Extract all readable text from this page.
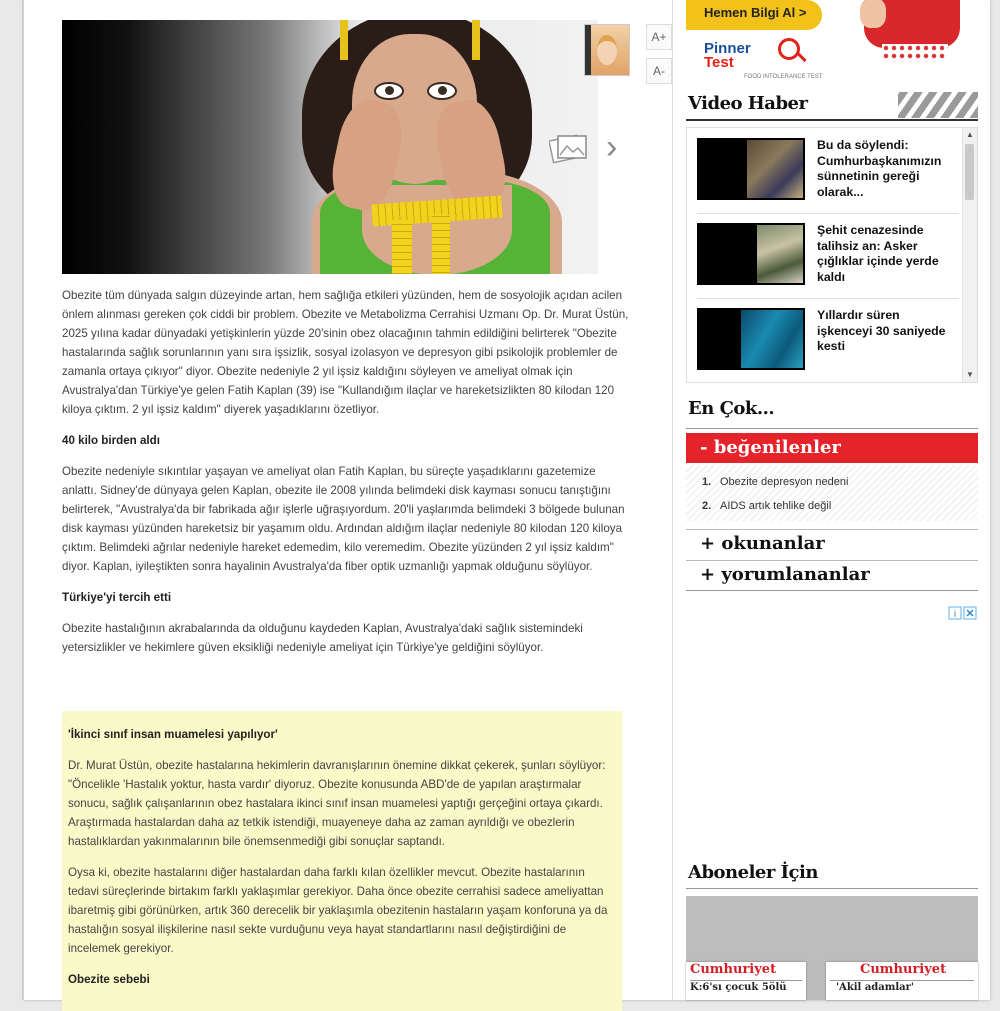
›
A+
A-

Obezite tüm dünyada salgın düzeyinde artan, hem sağlığa etkileri yüzünden, hem de sosyolojik açıdan acilen önlem alınması gereken çok ciddi bir problem. Obezite ve Metabolizma Cerrahisi Uzmanı Op. Dr. Murat Üstün, 2025 yılına kadar dünyadaki yetişkinlerin yüzde 20'sinin obez olacağının tahmin edildiğini belirterek "Obezite hastalarında sağlık sorunlarının yanı sıra işsizlik, sosyal izolasyon ve depresyon gibi psikolojik problemler de zamanla ortaya çıkıyor" diyor. Obezite nedeniyle 2 yıl işsiz kaldığını söyleyen ve ameliyat olmak için Avustralya'dan Türkiye'ye gelen Fatih Kaplan (39) ise "Kullandığım ilaçlar ve hareketsizlikten 80 kilodan 120 kiloya çıktım. 2 yıl işsiz kaldım" diyerek yaşadıklarını özetliyor.

40 kilo birden aldı

Obezite nedeniyle sıkıntılar yaşayan ve ameliyat olan Fatih Kaplan, bu süreçte yaşadıklarını gazetemize anlattı. Sidney'de dünyaya gelen Kaplan, obezite ile 2008 yılında belimdeki disk kayması sonucu tanıştığını belirterek, "Avustralya'da bir fabrikada ağır işlerle uğraşıyordum. 20'li yaşlarımda belimdeki 3 bölgede bulunan disk kayması yüzünden hareketsiz bir yaşamım oldu. Ardından aldığım ilaçlar nedeniyle 80 kilodan 120 kiloya çıktım. Belimdeki ağrılar nedeniyle hareket edemedim, kilo veremedim. Obezite yüzünden 2 yıl işsiz kaldım" diyor. Kaplan, iyileştikten sonra hayalinin Avustralya'da fiber optik uzmanlığı yapmak olduğunu söylüyor.

Türkiye'yi tercih etti

Obezite hastalığının akrabalarında da olduğunu kaydeden Kaplan, Avustralya'daki sağlık sistemindeki yetersizlikler ve hekimlere güven eksikliği nedeniyle ameliyat için Türkiye'ye geldiğini söylüyor.

'İkinci sınıf insan muamelesi yapılıyor'

Dr. Murat Üstün, obezite hastalarına hekimlerin davranışlarının önemine dikkat çekerek, şunları söylüyor: "Öncelikle 'Hastalık yoktur, hasta vardır' diyoruz. Obezite konusunda ABD'de de yapılan araştırmalar sonucu, sağlık çalışanlarının obez hastalara ikinci sınıf insan muamelesi yaptığı gerçeğini ortaya çıkardı. Araştırmada hastalardan daha az tetkik istendiği, muayeneye daha az zaman ayrıldığı ve obezlerin hastalıklardan yakınmalarının bile önemsenmediği gibi sonuçlar saptandı.

Oysa ki, obezite hastalarını diğer hastalardan daha farklı kılan özellikler mevcut. Obezite hastalarının tedavi süreçlerinde birtakım farklı yaklaşımlar gerekiyor. Daha önce obezite cerrahisi sadece ameliyattan ibaretmiş gibi görünürken, artık 360 derecelik bir yaklaşımla obezitenin hastaların yaşam konforuna ya da hastalığın sosyal ilişkilerine nasıl sekte vurduğunu veya hayat standartlarını nasıl değiştirdiğini de incelemek gerekiyor.

Obezite sebebi
Hemen Bilgi Al >
Pinner
Test
FOOD INTOLERANCE TEST
Video Haber
Bu da söylendi: Cumhurbaşkanımızın sünnetinin gereği olarak...
Şehit cenazesinde talihsiz an: Asker çığlıklar içinde yerde kaldı
Yıllardır süren işkenceyi 30 saniyede kesti
▲
▼
En Çok...
- beğenilenler
1. Obezite depresyon nedeni
2. AIDS artık tehlike değil
+ okunanlar
+ yorumlananlar
i
Aboneler İçin
Cumhuriyet
K:6'sı çocuk 5ölü
Cumhuriyet
'Akil adamlar'
